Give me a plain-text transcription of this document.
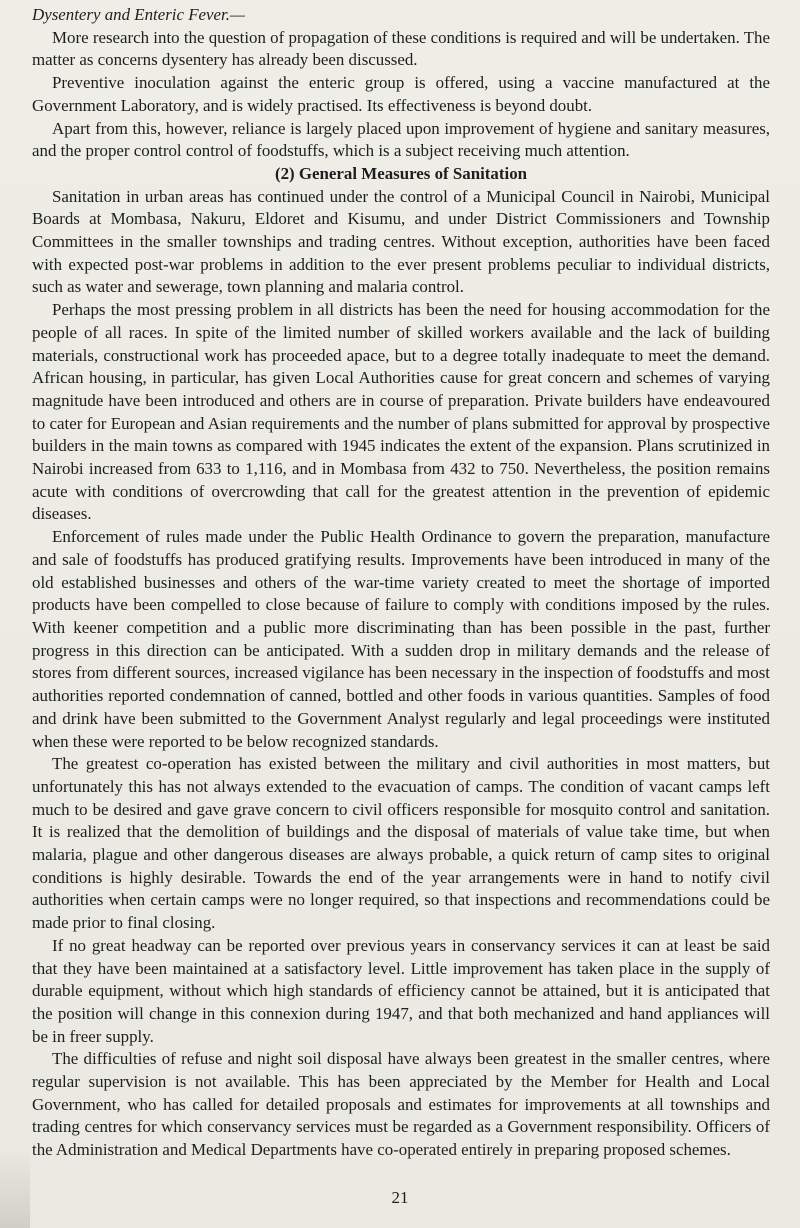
Dysentery and Enteric Fever.—

More research into the question of propagation of these conditions is required and will be undertaken. The matter as concerns dysentery has already been discussed.

Preventive inoculation against the enteric group is offered, using a vaccine manufactured at the Government Laboratory, and is widely practised. Its effectiveness is beyond doubt.

Apart from this, however, reliance is largely placed upon improvement of hygiene and sanitary measures, and the proper control control of foodstuffs, which is a subject receiving much attention.

(2) General Measures of Sanitation

Sanitation in urban areas has continued under the control of a Municipal Council in Nairobi, Municipal Boards at Mombasa, Nakuru, Eldoret and Kisumu, and under District Commissioners and Township Committees in the smaller townships and trading centres. Without exception, authorities have been faced with expected post-war problems in addition to the ever present problems peculiar to individual districts, such as water and sewerage, town planning and malaria control.

Perhaps the most pressing problem in all districts has been the need for housing accommodation for the people of all races. In spite of the limited number of skilled workers available and the lack of building materials, constructional work has proceeded apace, but to a degree totally inadequate to meet the demand. African housing, in particular, has given Local Authorities cause for great concern and schemes of varying magnitude have been introduced and others are in course of preparation. Private builders have endeavoured to cater for European and Asian requirements and the number of plans submitted for approval by prospective builders in the main towns as compared with 1945 indicates the extent of the expansion. Plans scrutinized in Nairobi increased from 633 to 1,116, and in Mombasa from 432 to 750. Nevertheless, the position remains acute with conditions of overcrowding that call for the greatest attention in the prevention of epidemic diseases.

Enforcement of rules made under the Public Health Ordinance to govern the preparation, manufacture and sale of foodstuffs has produced gratifying results. Improvements have been introduced in many of the old established businesses and others of the war-time variety created to meet the shortage of imported products have been compelled to close because of failure to comply with conditions imposed by the rules. With keener competition and a public more discriminating than has been possible in the past, further progress in this direction can be anticipated. With a sudden drop in military demands and the release of stores from different sources, increased vigilance has been necessary in the inspection of foodstuffs and most authorities reported condemnation of canned, bottled and other foods in various quantities. Samples of food and drink have been submitted to the Government Analyst regularly and legal proceedings were instituted when these were reported to be below recognized standards.

The greatest co-operation has existed between the military and civil authorities in most matters, but unfortunately this has not always extended to the evacuation of camps. The condition of vacant camps left much to be desired and gave grave concern to civil officers responsible for mosquito control and sanitation. It is realized that the demolition of buildings and the disposal of materials of value take time, but when malaria, plague and other dangerous diseases are always probable, a quick return of camp sites to original conditions is highly desirable. Towards the end of the year arrangements were in hand to notify civil authorities when certain camps were no longer required, so that inspections and recommendations could be made prior to final closing.

If no great headway can be reported over previous years in conservancy services it can at least be said that they have been maintained at a satisfactory level. Little improvement has taken place in the supply of durable equipment, without which high standards of efficiency cannot be attained, but it is anticipated that the position will change in this connexion during 1947, and that both mechanized and hand appliances will be in freer supply.

The difficulties of refuse and night soil disposal have always been greatest in the smaller centres, where regular supervision is not available. This has been appreciated by the Member for Health and Local Government, who has called for detailed proposals and estimates for improvements at all townships and trading centres for which conservancy services must be regarded as a Government responsibility. Officers of the Administration and Medical Departments have co-operated entirely in preparing proposed schemes.

21
